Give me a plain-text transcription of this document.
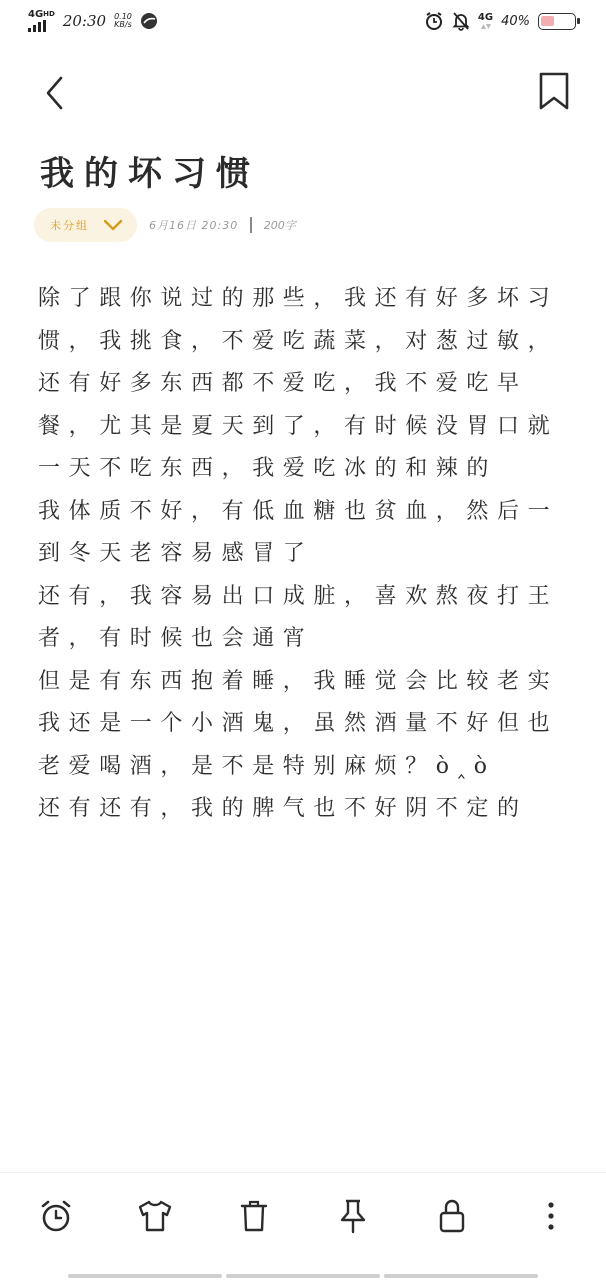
4G HD 20:30 0.10
KB/s
4G 40%
我的坏习惯
未分组	6月16日 20:30 200字

除了跟你说过的那些，我还有好多坏习惯，我挑食，不爱吃蔬菜，对葱过敏，还有好多东西都不爱吃，我不爱吃早餐，尤其是夏天到了，有时候没胃口就一天不吃东西，我爱吃冰的和辣的

我体质不好，有低血糖也贫血，然后一到冬天老容易感冒了

还有，我容易出口成脏，喜欢熬夜打王者，有时候也会通宵

但是有东西抱着睡，我睡觉会比较老实

我还是一个小酒鬼，虽然酒量不好但也老爱喝酒，是不是特别麻烦？ὸ‸ὸ

还有还有，我的脾气也不好阴不定的
